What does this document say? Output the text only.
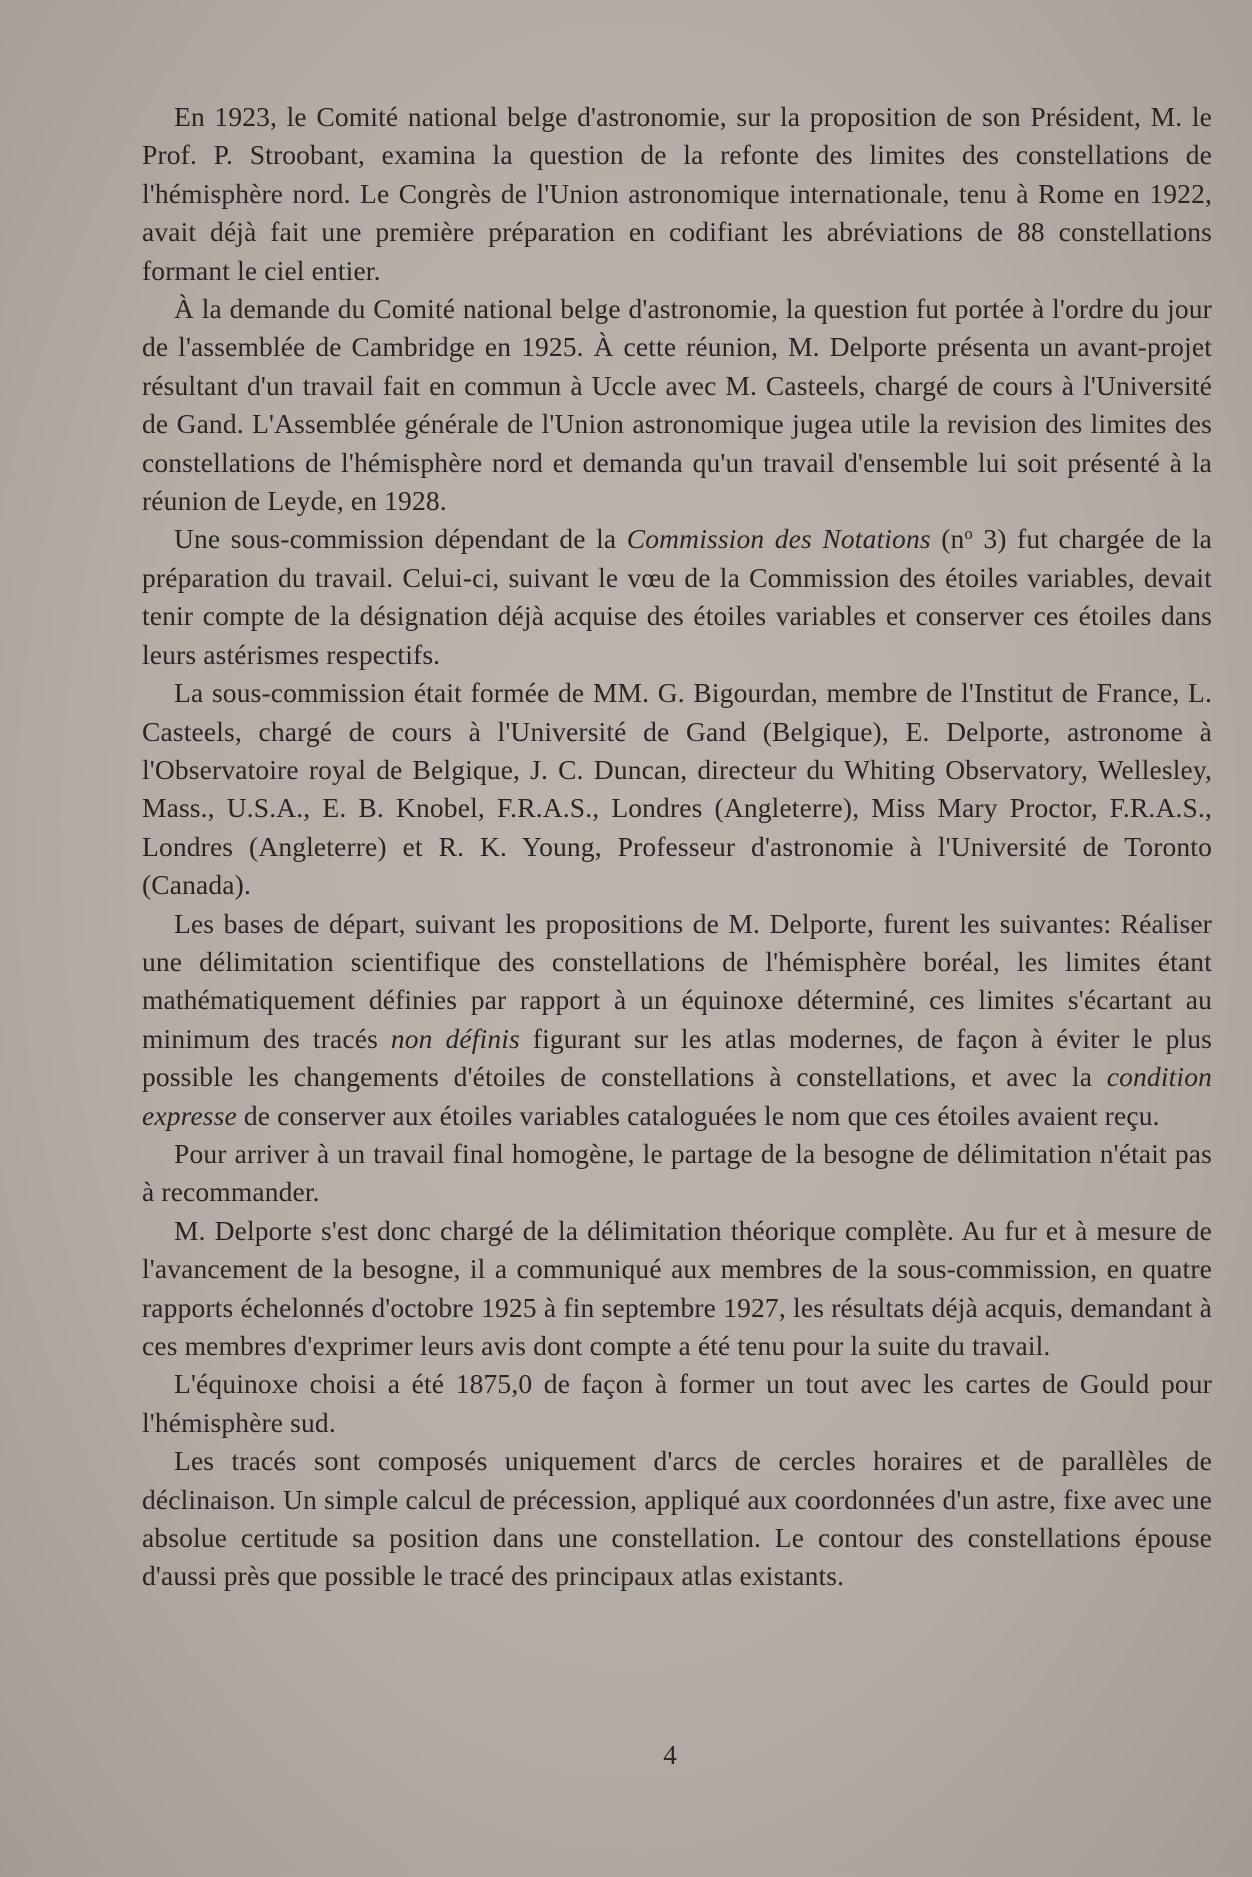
En 1923, le Comité national belge d'astronomie, sur la proposition de son Président, M. le Prof. P. Stroobant, examina la question de la refonte des limites des constellations de l'hémisphère nord. Le Congrès de l'Union astronomique internationale, tenu à Rome en 1922, avait déjà fait une première préparation en codifiant les abréviations de 88 constellations formant le ciel entier.

À la demande du Comité national belge d'astronomie, la question fut portée à l'ordre du jour de l'assemblée de Cambridge en 1925. À cette réunion, M. Delporte présenta un avant-projet résultant d'un travail fait en commun à Uccle avec M. Casteels, chargé de cours à l'Université de Gand. L'Assemblée générale de l'Union astronomique jugea utile la revision des limites des constellations de l'hémisphère nord et demanda qu'un travail d'ensemble lui soit présenté à la réunion de Leyde, en 1928.

Une sous-commission dépendant de la Commission des Notations ($n^o$ 3) fut chargée de la préparation du travail. Celui-ci, suivant le vœu de la Commission des étoiles variables, devait tenir compte de la désignation déjà acquise des étoiles variables et conserver ces étoiles dans leurs astérismes respectifs.

La sous-commission était formée de MM. G. Bigourdan, membre de l'Institut de France, L. Casteels, chargé de cours à l'Université de Gand (Belgique), E. Delporte, astronome à l'Observatoire royal de Belgique, J. C. Duncan, directeur du Whiting Observatory, Wellesley, Mass., U.S.A., E. B. Knobel, F.R.A.S., Londres (Angleterre), Miss Mary Proctor, F.R.A.S., Londres (Angleterre) et R. K. Young, Professeur d'astronomie à l'Université de Toronto (Canada).

Les bases de départ, suivant les propositions de M. Delporte, furent les suivantes: Réaliser une délimitation scientifique des constellations de l'hémisphère boréal, les limites étant mathématiquement définies par rapport à un équinoxe déterminé, ces limites s'écartant au minimum des tracés non définis figurant sur les atlas modernes, de façon à éviter le plus possible les changements d'étoiles de constellations à constellations, et avec la condition expresse de conserver aux étoiles variables cataloguées le nom que ces étoiles avaient reçu.

Pour arriver à un travail final homogène, le partage de la besogne de délimitation n'était pas à recommander.

M. Delporte s'est donc chargé de la délimitation théorique complète. Au fur et à mesure de l'avancement de la besogne, il a communiqué aux membres de la sous-commission, en quatre rapports échelonnés d'octobre 1925 à fin septembre 1927, les résultats déjà acquis, demandant à ces membres d'exprimer leurs avis dont compte a été tenu pour la suite du travail.

L'équinoxe choisi a été 1875,0 de façon à former un tout avec les cartes de Gould pour l'hémisphère sud.

Les tracés sont composés uniquement d'arcs de cercles horaires et de parallèles de déclinaison. Un simple calcul de précession, appliqué aux coordonnées d'un astre, fixe avec une absolue certitude sa position dans une constellation. Le contour des constellations épouse d'aussi près que possible le tracé des principaux atlas existants.

4
